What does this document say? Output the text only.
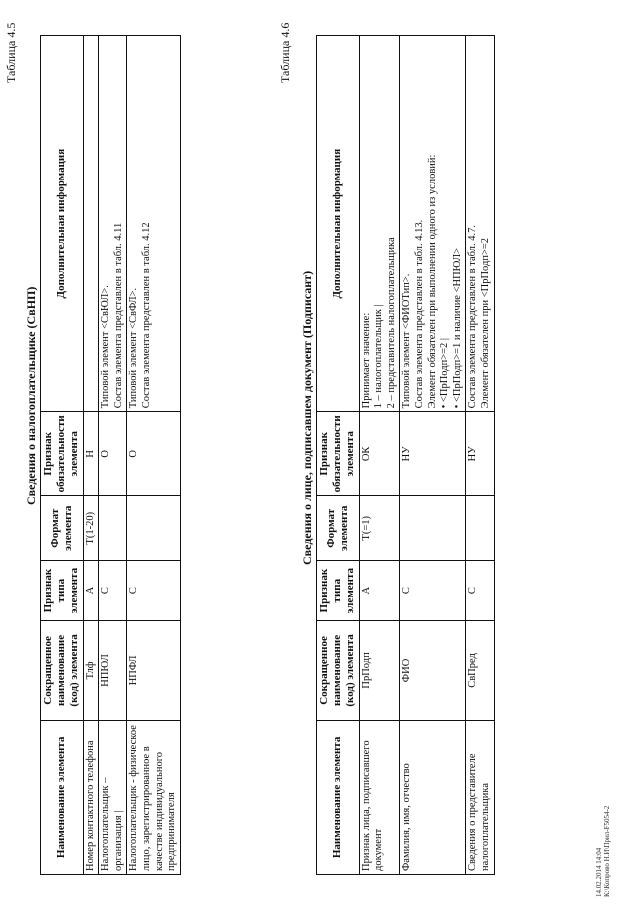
Таблица 4.5
Сведения о налогоплательщике (СвНП)
Наименование элемента	Сокращенное наименование (код) элемента	Признак типа элемента	Формат элемента	Признак обязательности элемента	Дополнительная информация
Номер контактного телефона	Тлф	А	T(1-20)	Н	
Налогоплательщик – организация |	НПЮЛ	С		О	Типовой элемент <СвЮЛ>.
Состав элемента представлен в табл. 4.11
Налогоплательщик - физическое лицо, зарегистрированное в качестве индивидуального предпринимателя	НПФЛ	С		О	Типовой элемент <СвФЛ>.
Состав элемента представлен в табл. 4.12
Таблица 4.6
Сведения о лице, подписавшем документ (Подписант)
Наименование элемента	Сокращенное наименование (код) элемента	Признак типа элемента	Формат элемента	Признак обязательности элемента	Дополнительная информация
Признак лица, подписавшего документ	ПрПодп	А	T(=1)	ОК	Принимает значение:
1 – налогоплательщик |
2 – представитель налогоплательщика
Фамилия, имя, отчество	ФИО	С		НУ	Типовой элемент <ФИОТип>.
Состав элемента представлен в табл. 4.13.
Элемент обязателен при выполнении одного из условий:
• <ПрПодп>=2 |
• <ПрПодп>=1 и наличие <НПЮЛ>
Сведения о представителе налогоплательщика	СвПред	С		НУ	Состав элемента представлен в табл. 4.7.
Элемент обязателен при <ПрПодп>=2
14.02.2014 14:04
К:\Копрово Н.И\Прил-F5054-2
